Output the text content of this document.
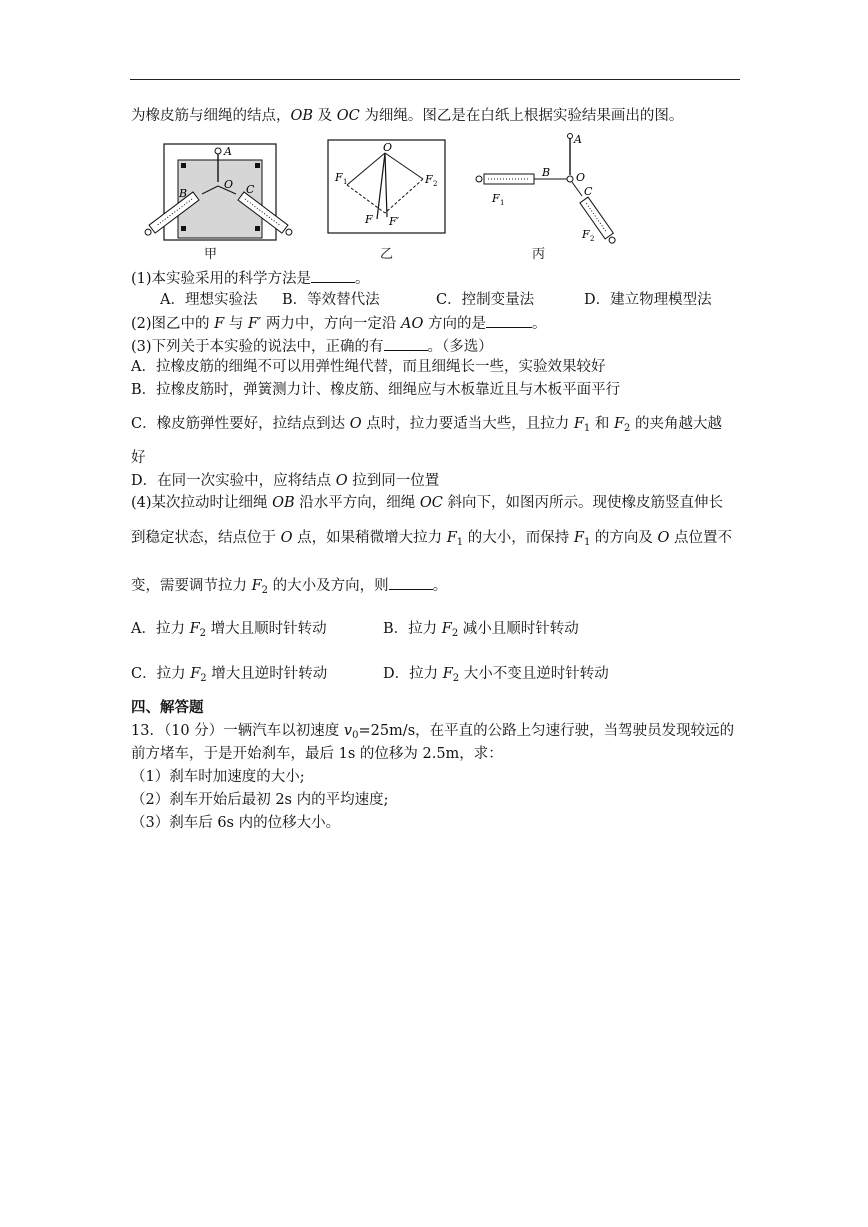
为橡皮筋与细绳的结点，OB 及 OC 为细绳。图乙是在白纸上根据实验结果画出的图。
A
B
O C
甲
O
F 1	F 2
F F′
乙
A
B O
C
F 1
F 2
丙
(1)本实验采用的科学方法是	。
A．理想实验法 B．等效替代法	C．控制变量法	D．建立物理模型法
(2)图乙中的 F 与 F′ 两力中，方向一定沿 AO 方向的是	。
(3)下列关于本实验的说法中，正确的有	。（多选）
A．拉橡皮筋的细绳不可以用弹性绳代替，而且细绳长一些，实验效果较好
B．拉橡皮筋时，弹簧测力计、橡皮筋、细绳应与木板靠近且与木板平面平行
C．橡皮筋弹性要好，拉结点到达 O 点时，拉力要适当大些，且拉力 $F_1$ 和 $F_2$ 的夹角越大越
好
D．在同一次实验中，应将结点 O 拉到同一位置
(4)某次拉动时让细绳 OB 沿水平方向，细绳 OC 斜向下，如图丙所示。现使橡皮筋竖直伸长
到稳定状态，结点位于 O 点，如果稍微增大拉力 $F_1$ 的大小，而保持 $F_1$ 的方向及 O 点位置不
变，需要调节拉力 $F_2$ 的大小及方向，则	。
A．拉力 $F_2$ 增大且顺时针转动	B．拉力 $F_2$ 减小且顺时针转动
C．拉力 $F_2$ 增大且逆时针转动	D．拉力 $F_2$ 大小不变且逆时针转动
四、解答题
13．（10 分）一辆汽车以初速度 $v_0=25m/s$，在平直的公路上匀速行驶，当驾驶员发现较远的
前方堵车，于是开始刹车，最后 1s 的位移为 2.5m，求：
（1）刹车时加速度的大小;
（2）刹车开始后最初 2s 内的平均速度;
（3）刹车后 6s 内的位移大小。
